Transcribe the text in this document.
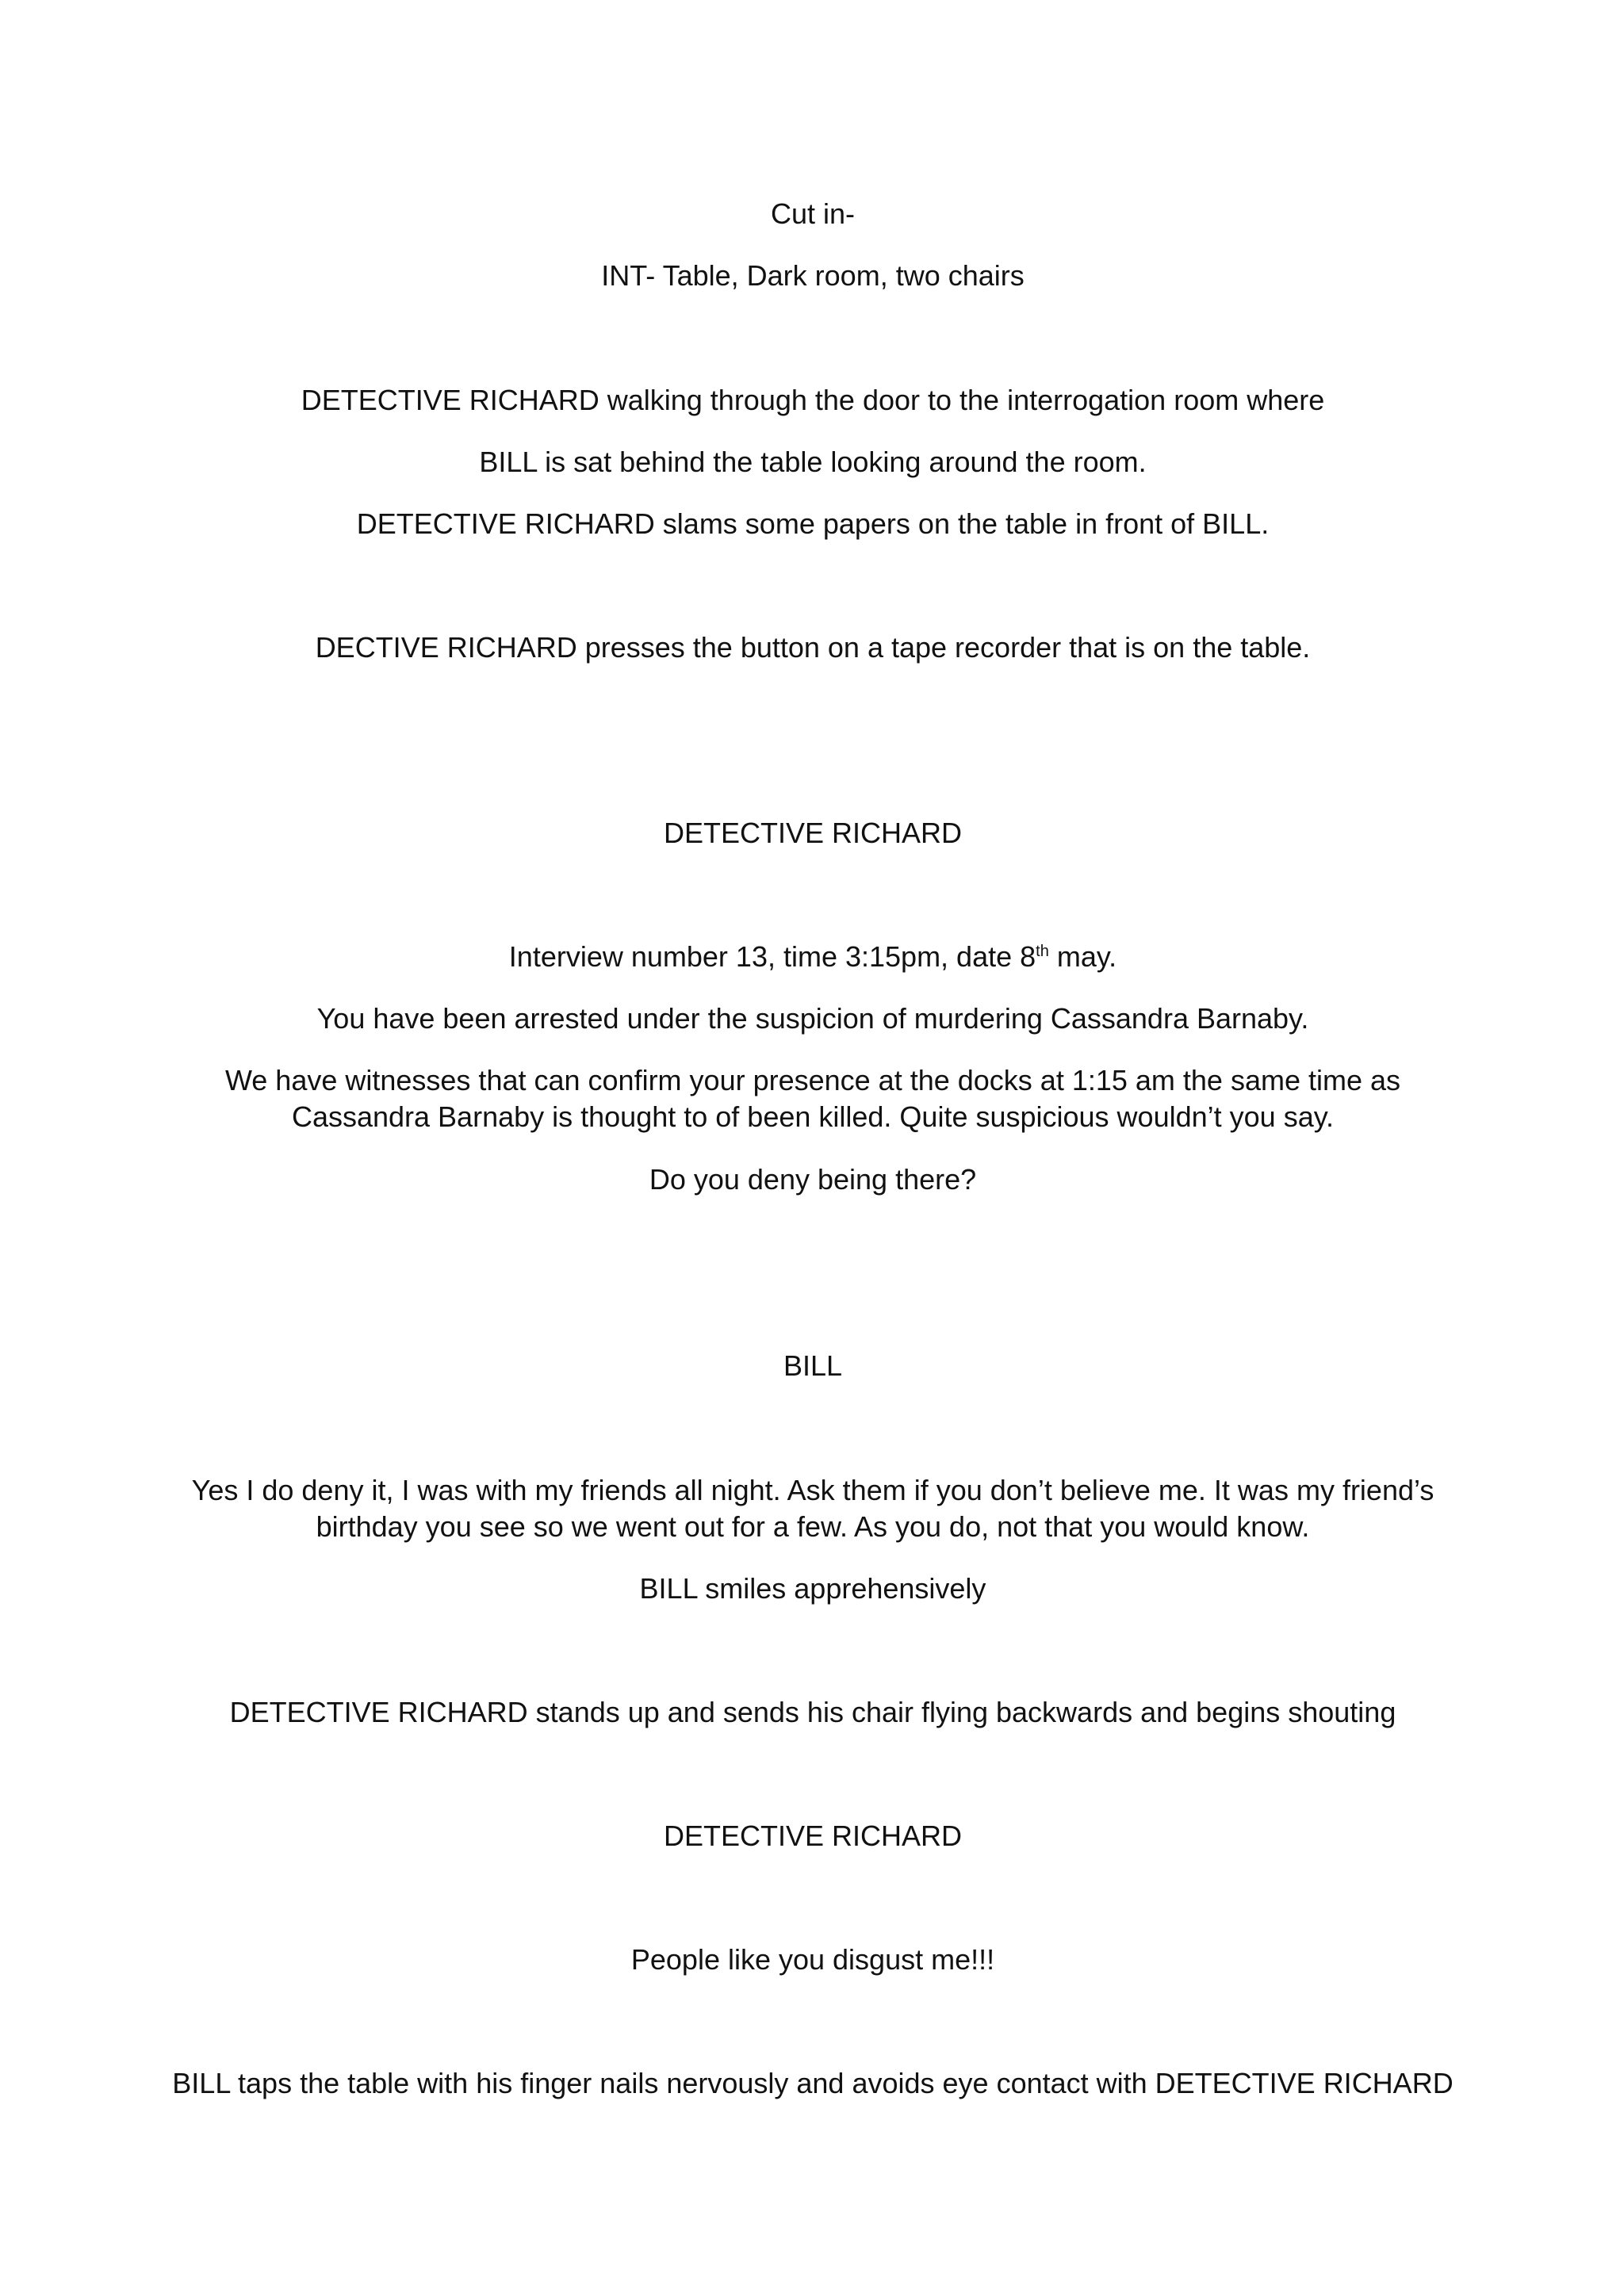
Cut in-
INT- Table, Dark room, two chairs
DETECTIVE RICHARD walking through the door to the interrogation room where
BILL is sat behind the table looking around the room.
DETECTIVE RICHARD slams some papers on the table in front of BILL.
DECTIVE RICHARD presses the button on a tape recorder that is on the table.
DETECTIVE RICHARD
Interview number 13, time 3:15pm, date 8th may.
You have been arrested under the suspicion of murdering Cassandra Barnaby.
We have witnesses that can confirm your presence at the docks at 1:15 am the same time as
Cassandra Barnaby is thought to of been killed. Quite suspicious wouldn’t you say.
Do you deny being there?
BILL
Yes I do deny it, I was with my friends all night. Ask them if you don’t believe me. It was my friend’s
birthday you see so we went out for a few. As you do, not that you would know.
BILL smiles apprehensively
DETECTIVE RICHARD stands up and sends his chair flying backwards and begins shouting
DETECTIVE RICHARD
People like you disgust me!!!
BILL taps the table with his finger nails nervously and avoids eye contact with DETECTIVE RICHARD
